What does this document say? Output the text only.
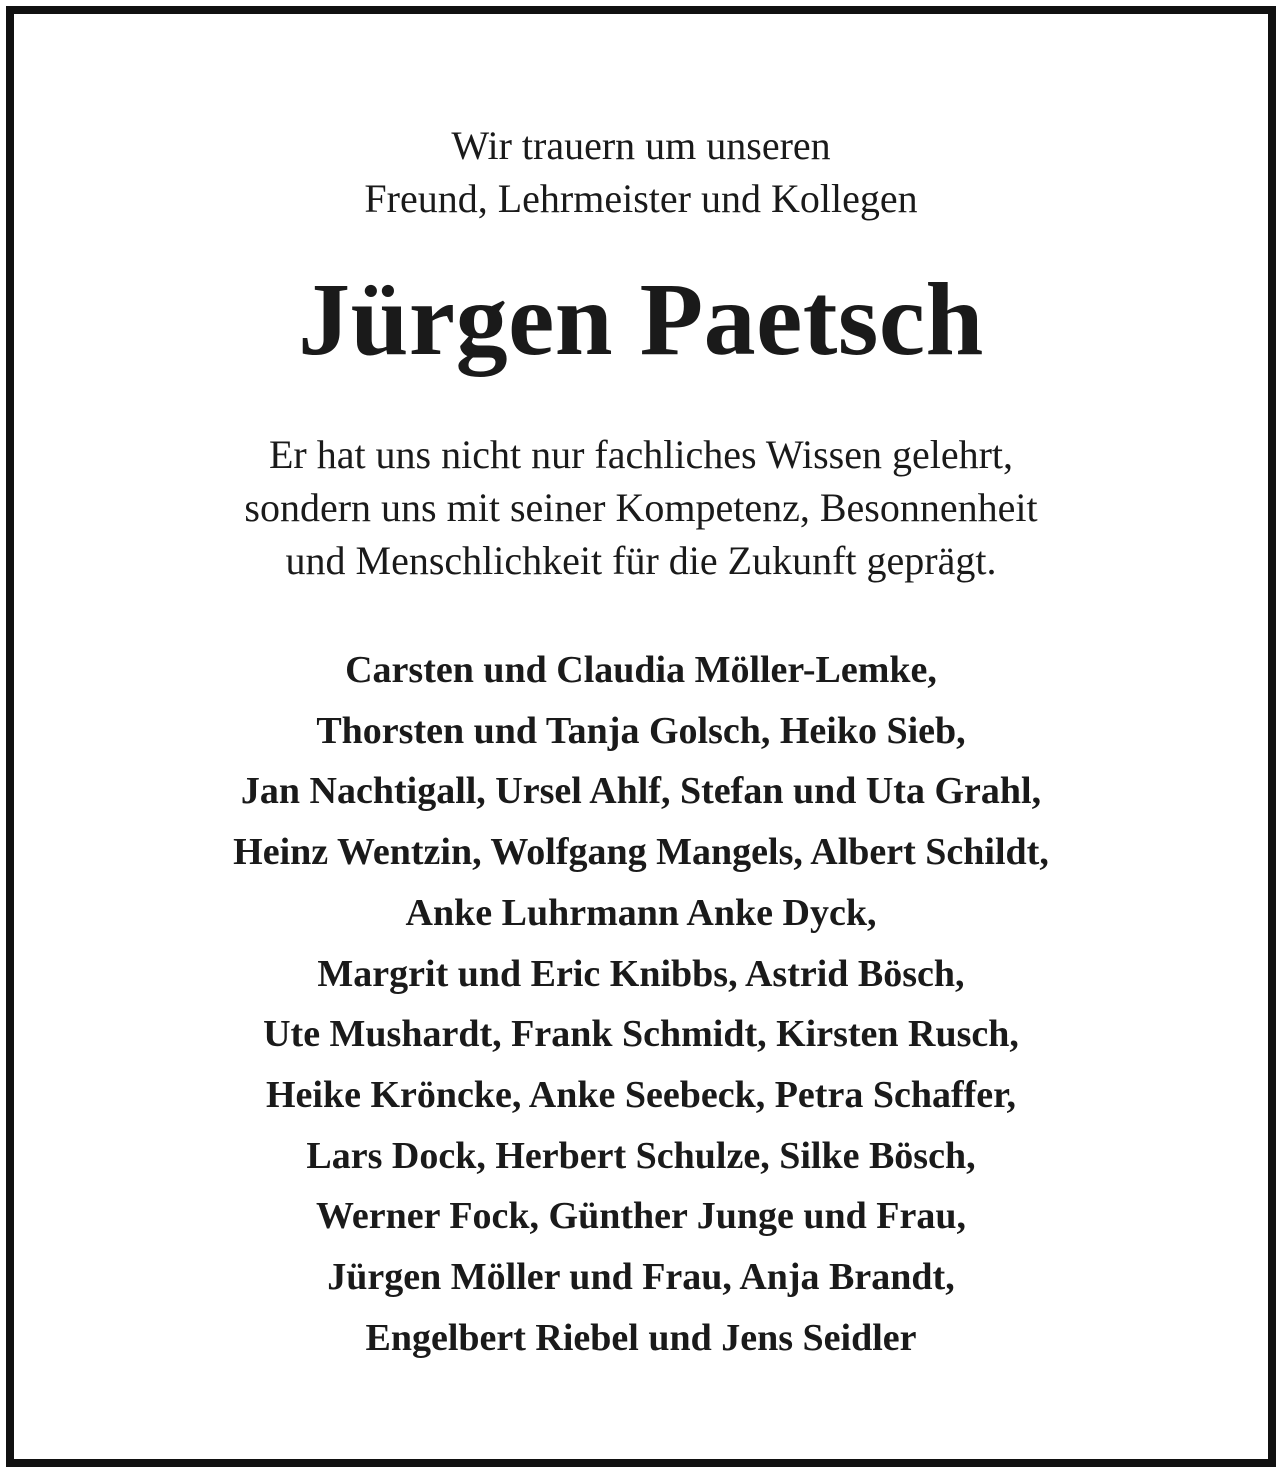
Wir trauern um unseren
Freund, Lehrmeister und Kollegen
Jürgen Paetsch
Er hat uns nicht nur fachliches Wissen gelehrt,
sondern uns mit seiner Kompetenz, Besonnenheit
und Menschlichkeit für die Zukunft geprägt.
Carsten und Claudia Möller-Lemke,
Thorsten und Tanja Golsch, Heiko Sieb,
Jan Nachtigall, Ursel Ahlf, Stefan und Uta Grahl,
Heinz Wentzin, Wolfgang Mangels, Albert Schildt,
Anke Luhrmann Anke Dyck,
Margrit und Eric Knibbs, Astrid Bösch,
Ute Mushardt, Frank Schmidt, Kirsten Rusch,
Heike Kröncke, Anke Seebeck, Petra Schaffer,
Lars Dock, Herbert Schulze, Silke Bösch,
Werner Fock, Günther Junge und Frau,
Jürgen Möller und Frau, Anja Brandt,
Engelbert Riebel und Jens Seidler
